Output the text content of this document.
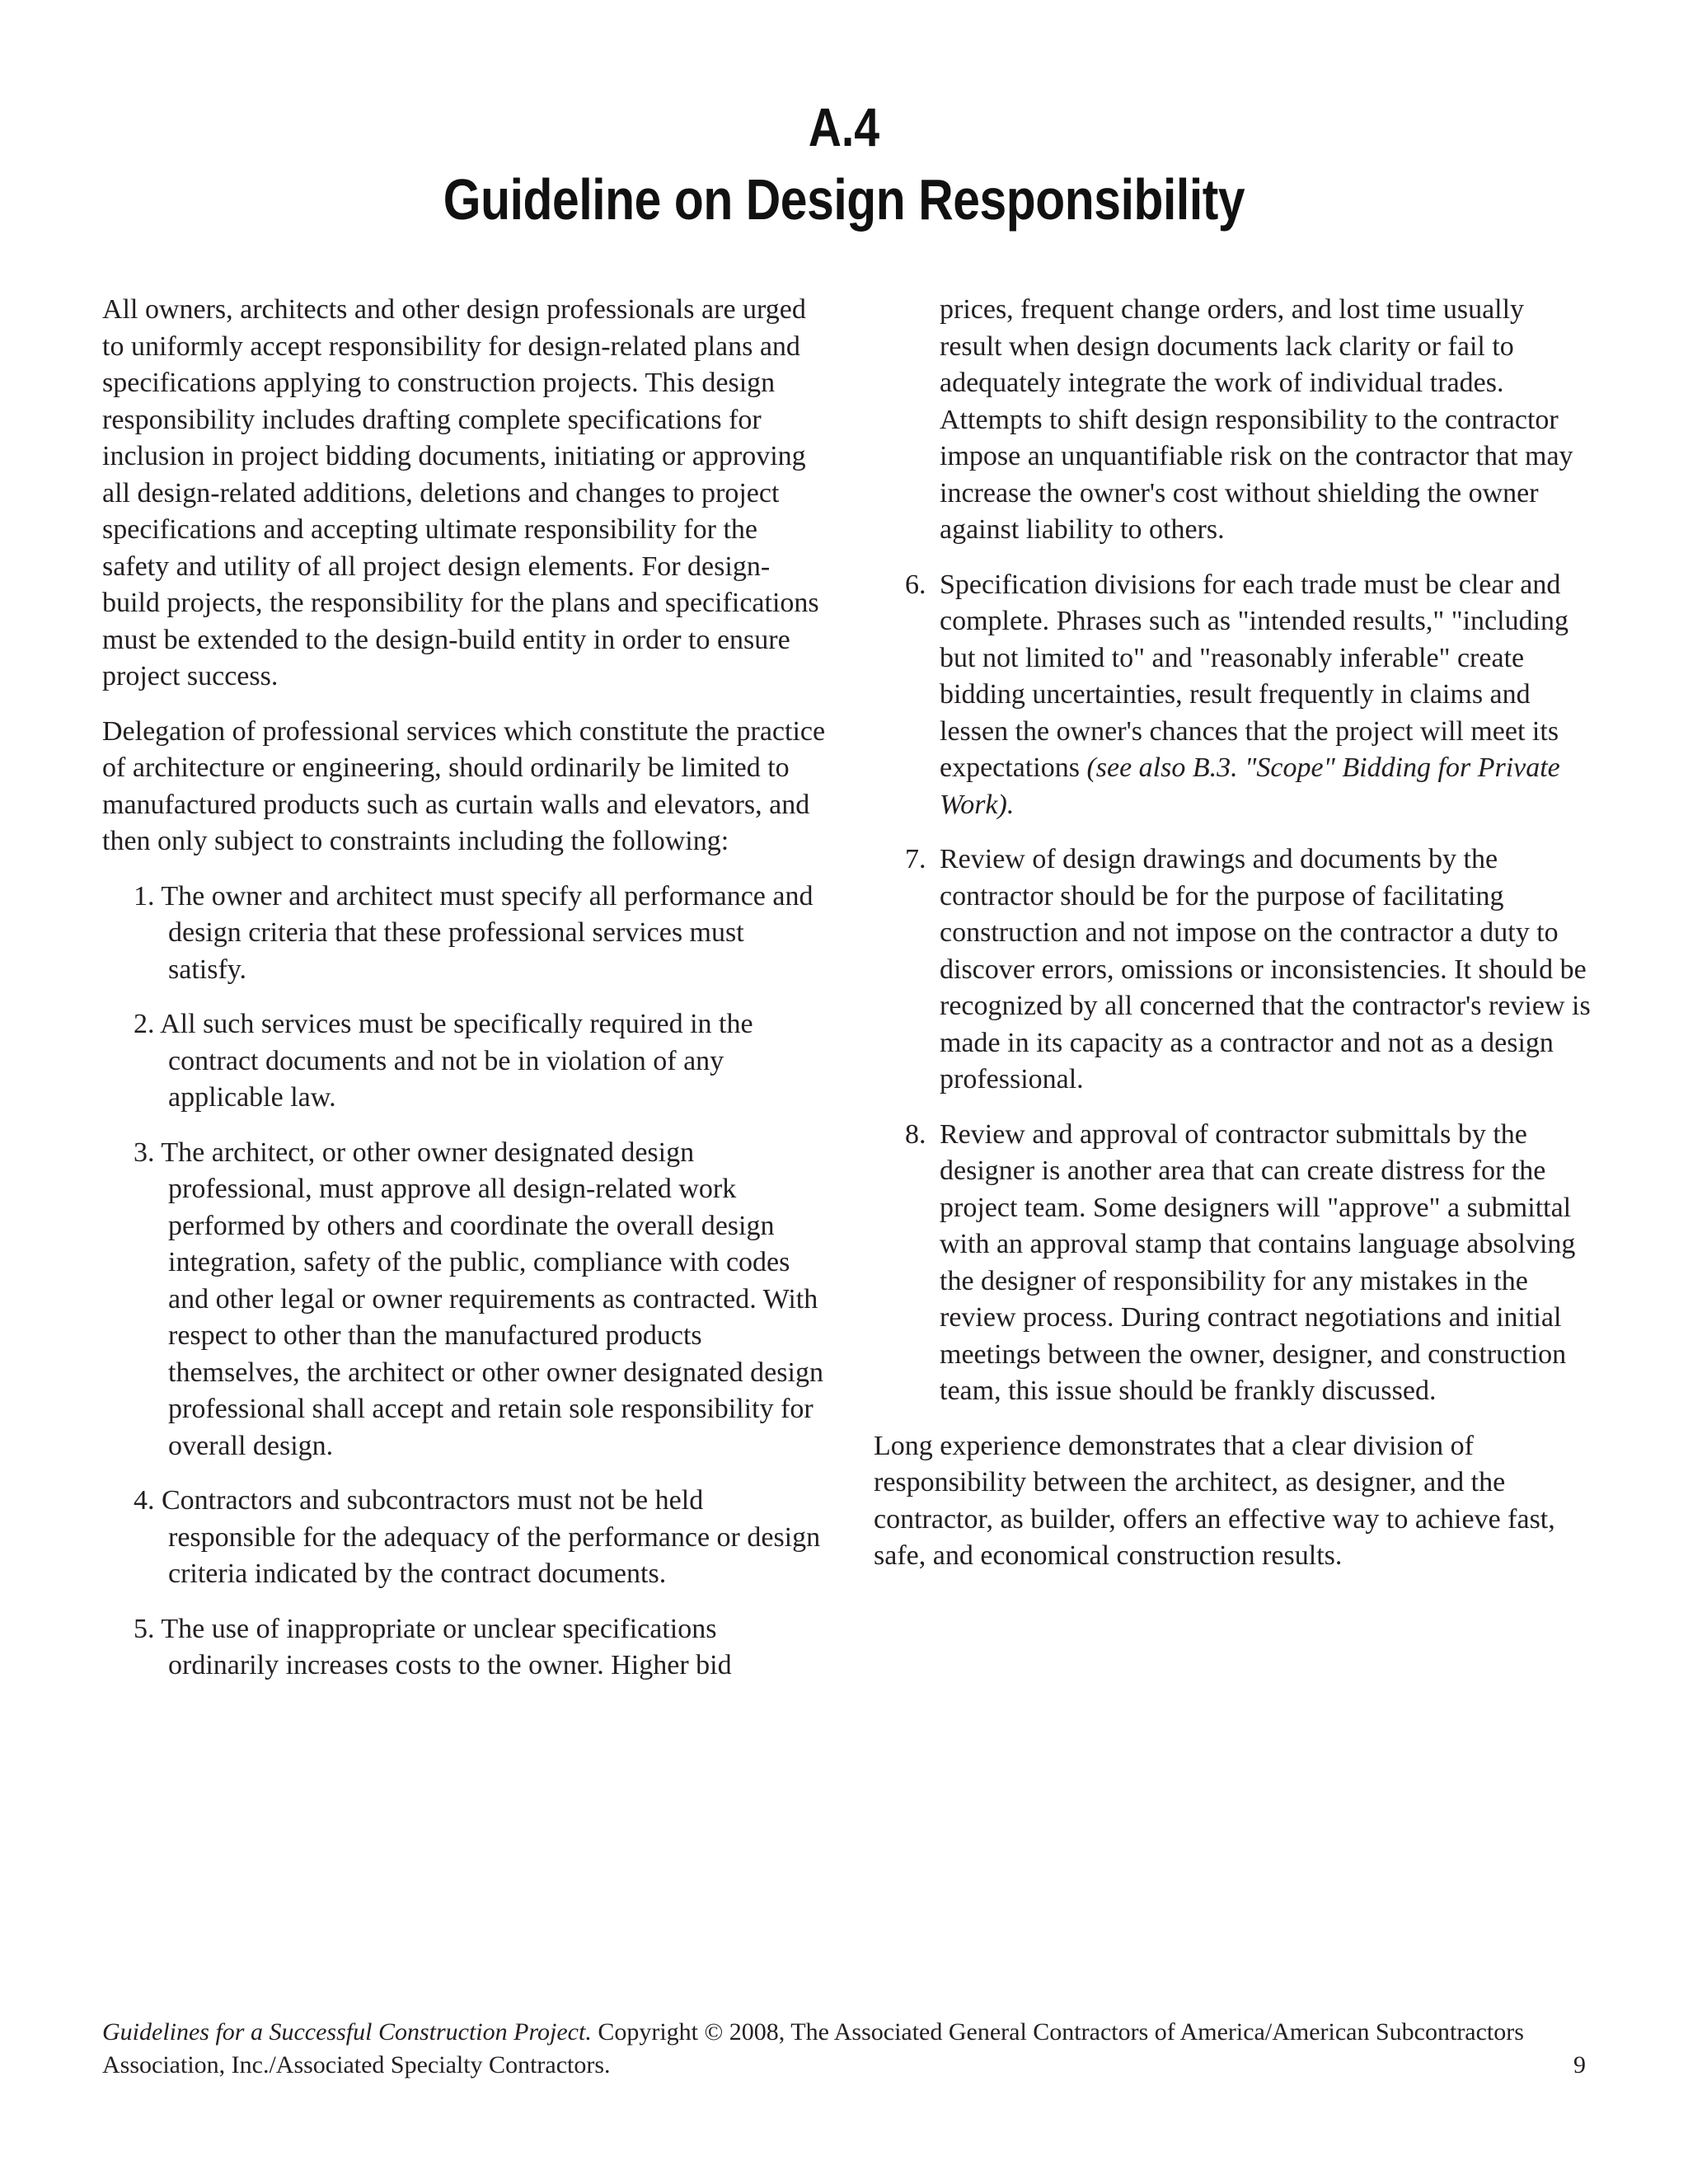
A.4
Guideline on Design Responsibility

All owners, architects and other design professionals are urged to uniformly accept responsibility for design-related plans and specifications applying to construction projects. This design responsibility includes drafting complete specifications for inclusion in project bidding documents, initiating or approving all design-related additions, deletions and changes to project specifications and accepting ultimate responsibility for the safety and utility of all project design elements. For design-build projects, the responsibility for the plans and specifications must be extended to the design-build entity in order to ensure project success.

Delegation of professional services which constitute the practice of architecture or engineering, should ordinarily be limited to manufactured products such as curtain walls and elevators, and then only subject to constraints including the following:

1. The owner and architect must specify all performance and design criteria that these professional services must satisfy.
2. All such services must be specifically required in the contract documents and not be in violation of any applicable law.
3. The architect, or other owner designated design professional, must approve all design-related work performed by others and coordinate the overall design integration, safety of the public, compliance with codes and other legal or owner requirements as contracted. With respect to other than the manufactured products themselves, the architect or other owner designated design professional shall accept and retain sole responsibility for overall design.
4. Contractors and subcontractors must not be held responsible for the adequacy of the performance or design criteria indicated by the contract documents.
5. The use of inappropriate or unclear specifications ordinarily increases costs to the owner. Higher bid
prices, frequent change orders, and lost time usually result when design documents lack clarity or fail to adequately integrate the work of individual trades. Attempts to shift design responsibility to the contractor impose an unquantifiable risk on the contractor that may increase the owner's cost without shielding the owner against liability to others.
6. Specification divisions for each trade must be clear and complete. Phrases such as "intended results," "including but not limited to" and "reasonably inferable" create bidding uncertainties, result frequently in claims and lessen the owner's chances that the project will meet its expectations (see also B.3. "Scope" Bidding for Private Work).
7. Review of design drawings and documents by the contractor should be for the purpose of facilitating construction and not impose on the contractor a duty to discover errors, omissions or inconsistencies. It should be recognized by all concerned that the contractor's review is made in its capacity as a contractor and not as a design professional.
8. Review and approval of contractor submittals by the designer is another area that can create distress for the project team. Some designers will "approve" a submittal with an approval stamp that contains language absolving the designer of responsibility for any mistakes in the review process. During contract negotiations and initial meetings between the owner, designer, and construction team, this issue should be frankly discussed.

Long experience demonstrates that a clear division of responsibility between the architect, as designer, and the contractor, as builder, offers an effective way to achieve fast, safe, and economical construction results.

Guidelines for a Successful Construction Project. Copyright © 2008, The Associated General Contractors of America/American Subcontractors Association, Inc./Associated Specialty Contractors.	9
